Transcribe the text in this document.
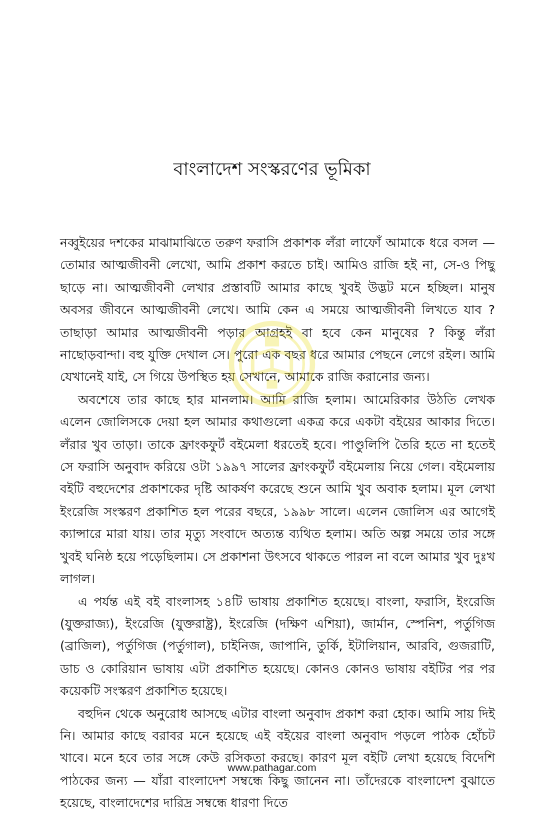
বাংলাদেশ সংস্করণের ভূমিকা

নব্বুইয়ের দশকের মাঝামাঝিতে তরুণ ফরাসি প্রকাশক লঁরা লাফোঁ আমাকে ধরে বসল — তোমার আত্মজীবনী লেখো, আমি প্রকাশ করতে চাই। আমিও রাজি হই না, সে-ও পিছু ছাড়ে না। আত্মজীবনী লেখার প্রস্তাবটি আমার কাছে খুবই উদ্ভট মনে হচ্ছিল। মানুষ অবসর জীবনে আত্মজীবনী লেখে। আমি কেন এ সময়ে আত্মজীবনী লিখতে যাব ? তাছাড়া আমার আত্মজীবনী পড়ার আগ্রহই বা হবে কেন মানুষের ? কিন্তু লঁরা নাছোড়বান্দা। বহু যুক্তি দেখাল সে। পুরো এক বছর ধরে আমার পেছনে লেগে রইল। আমি যেখানেই যাই, সে গিয়ে উপস্থিত হয় সেখানে, আমাকে রাজি করানোর জন্য।

অবশেষে তার কাছে হার মানলাম। আমি রাজি হলাম। আমেরিকার উঠতি লেখক এলেন জোলিসকে দেয়া হল আমার কথাগুলো একত্র করে একটা বইয়ের আকার দিতে। লঁরার খুব তাড়া। তাকে ফ্রাংকফুর্ট বইমেলা ধরতেই হবে। পাণ্ডুলিপি তৈরি হতে না হতেই সে ফরাসি অনুবাদ করিয়ে ওটা ১৯৯৭ সালের ফ্রাংকফুর্ট বইমেলায় নিয়ে গেল। বইমেলায় বইটি বহুদেশের প্রকাশকের দৃষ্টি আকর্ষণ করেছে শুনে আমি খুব অবাক হলাম। মূল লেখা ইংরেজি সংস্করণ প্রকাশিত হল পরের বছরে, ১৯৯৮ সালে। এলেন জোলিস এর আগেই ক্যান্সারে মারা যায়। তার মৃত্যু সংবাদে অত্যন্ত ব্যথিত হলাম। অতি অল্প সময়ে তার সঙ্গে খুবই ঘনিষ্ঠ হয়ে পড়েছিলাম। সে প্রকাশনা উৎসবে থাকতে পারল না বলে আমার খুব দুঃখ লাগল।

এ পর্যন্ত এই বই বাংলাসহ ১৪টি ভাষায় প্রকাশিত হয়েছে। বাংলা, ফরাসি, ইংরেজি (যুক্তরাজ্য), ইংরেজি (যুক্তরাষ্ট্র), ইংরেজি (দক্ষিণ এশিয়া), জার্মান, স্পেনিশ, পর্তুগিজ (ব্রাজিল), পর্তুগিজ (পর্তুগাল), চাইনিজ, জাপানি, তুর্কি, ইটালিয়ান, আরবি, গুজরাটি, ডাচ ও কোরিয়ান ভাষায় এটা প্রকাশিত হয়েছে। কোনও কোনও ভাষায় বইটির পর পর কয়েকটি সংস্করণ প্রকাশিত হয়েছে।

বহুদিন থেকে অনুরোধ আসছে এটার বাংলা অনুবাদ প্রকাশ করা হোক। আমি সায় দিই নি। আমার কাছে বরাবর মনে হয়েছে এই বইয়ের বাংলা অনুবাদ পড়লে পাঠক হোঁচট খাবে। মনে হবে তার সঙ্গে কেউ রসিকতা করছে। কারণ মূল বইটি লেখা হয়েছে বিদেশি পাঠকের জন্য — যাঁরা বাংলাদেশ সম্বন্ধে কিছু জানেন না। তাঁদেরকে বাংলাদেশ বুঝাতে হয়েছে, বাংলাদেশের দারিদ্র সম্বন্ধে ধারণা দিতে

www.pathagar.com
